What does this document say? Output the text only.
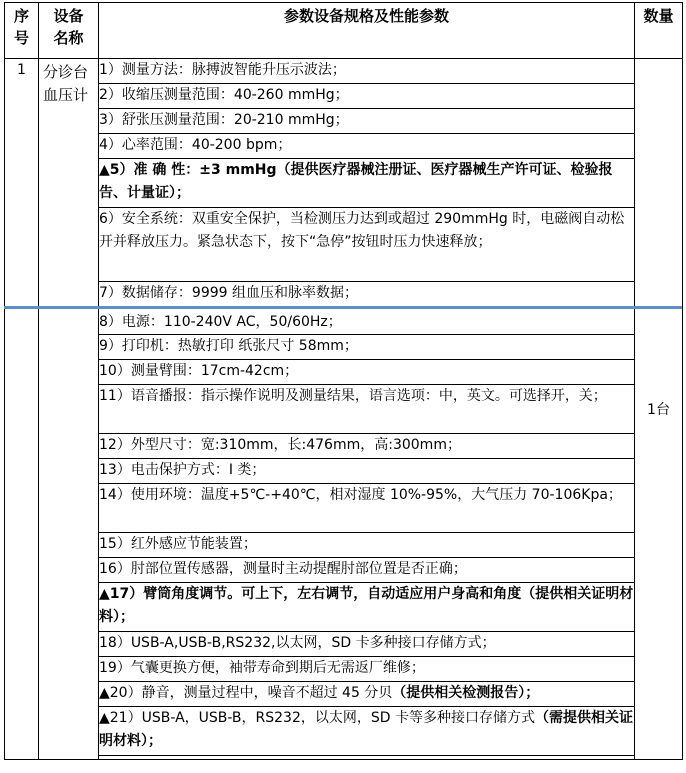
序号	设备名称	参数设备规格及性能参数	数量

1	分诊台血压计	1）测量方法：脉搏波智能升压示波法；	1台
		2）收缩压测量范围：40-260 mmHg；	
		3）舒张压测量范围：20-210 mmHg；	
		4）心率范围：40-200 bpm；	
		▲5）准 确 性：±3 mmHg（提供医疗器械注册证、医疗器械生产许可证、检验报告、计量证）；	
		6）安全系统：双重安全保护，当检测压力达到或超过 290mmHg 时，电磁阀自动松开并释放压力。紧急状态下，按下“急停”按钮时压力快速释放；	
		7）数据储存：9999 组血压和脉率数据；	
		8）电源：110-240V AC，50/60Hz；	
		9）打印机：热敏打印 纸张尺寸 58mm；	
		10）测量臂围：17cm-42cm；	
		11）语音播报：指示操作说明及测量结果，语言选项：中，英文。可选择开，关；	
		12）外型尺寸：宽:310mm，长:476mm，高:300mm；	
		13）电击保护方式：I 类；	
		14）使用环境：温度+5℃-+40℃，相对湿度 10%-95%，大气压力 70-106Kpa；	
		15）红外感应节能装置；	
		16）肘部位置传感器，测量时主动提醒肘部位置是否正确；	
		▲17）臂筒角度调节。可上下，左右调节，自动适应用户身高和角度（提供相关证明材料）；	
		18）USB-A,USB-B,RS232,以太网，SD 卡多种接口存储方式；	
		19）气囊更换方便，袖带寿命到期后无需返厂维修；	
		▲20）静音，测量过程中，噪音不超过 45 分贝（提供相关检测报告）；	
		▲21）USB-A，USB-B，RS232，以太网，SD 卡等多种接口存储方式（需提供相关证明材料）；	
